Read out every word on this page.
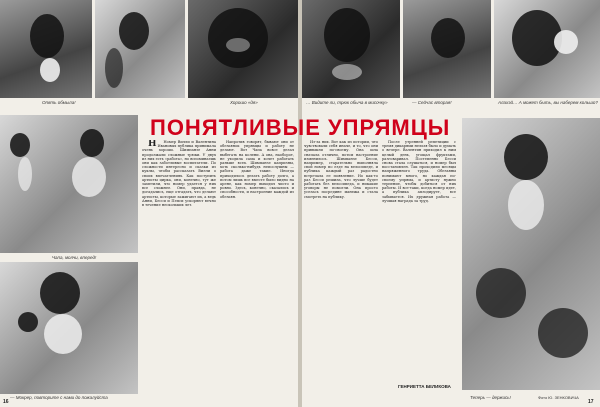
Опять обмыла!	Хорошо «дя»
Чапа, молчи, вперед!
— Мокрер, повторите с нами до пожалуйста

Н Номер Вилли и Валентина Ивановых публика принимала очень хорошо. Шимпанзе Анни продолжали сложные трюки. У двух из них есть «работа», но вспоминаешь они как заботливые воспитатели. По сложности интересно и сказки из куклы, чтобы рассказать Вилли о своих впечатлениях. Как поступить артисты цирка, они, конечно, тут же заметили, что номер удается у них все сложнее. Они, правда, не догадались, еще отгадать, что делают артисты, которые зажигают их, а ведь Анни, Бесси и Пепси ускоряют вечно в течение нескольких лет.

Напротив говорят, бывают они от обезьянок упрямцы и работу не делают. Вот Чапа вовсе делал выбегать на колени. А она, наоборот, не уходила сама и хочет работать раньше всех. Шимпанзе капризны, хоть сколько-нибудь непослушны — работа даже такие. Иногда приходилось делать работу долго, а потом лишь все вместе было видно на арене, как номер выходил чисто и ровно. Здесь, конечно, сказались и способности, и настроение каждой из обезьян.

16
… Видите ли, трюк обыча в мисочку»	— Сейчас вторая!	Алахэй… А может быть, вы наберем кольшо?

Из-за них. Вот как из истории, что чувствовали себя иначе, и то, что они привыкли по-своему. Она шла сначала отлично, потом настроение изменилось. Шимпанзе Бесси, например, старательно выполняла свой номер по езде на велосипеде, и публика каждый раз радостно встречала ее появление. Но как-то раз Бесси решила, что лучше будет работать без велосипеда, и никакие уговоры не помогли. Она просто уселась посредине манежа и стала смотреть на публику.

После утренней репетиции с тремя дикарями нельзя было и думать о вечере. Валентин приходил к ним целый день, угощал фруктами, разговаривал. Постепенно Бесси снова стала слушаться, и номер был восстановлен. Так проходили месяцы напряженного труда. Обезьяны понимают много, но каждая по-своему упряма, и артисту нужно терпение, чтобы добиться от них работы. И все-таки, когда номер идет, а публика аплодирует, все забывается. Их дружная работа — лучшая награда за труд.

ГЕНРИЕТТА БЕЛИКОВА
Теперь — держись!	Фото Ю. ЗЕНКОВИЧА
17
ПОНЯТЛИВЫЕ УПРЯМЦЫ
